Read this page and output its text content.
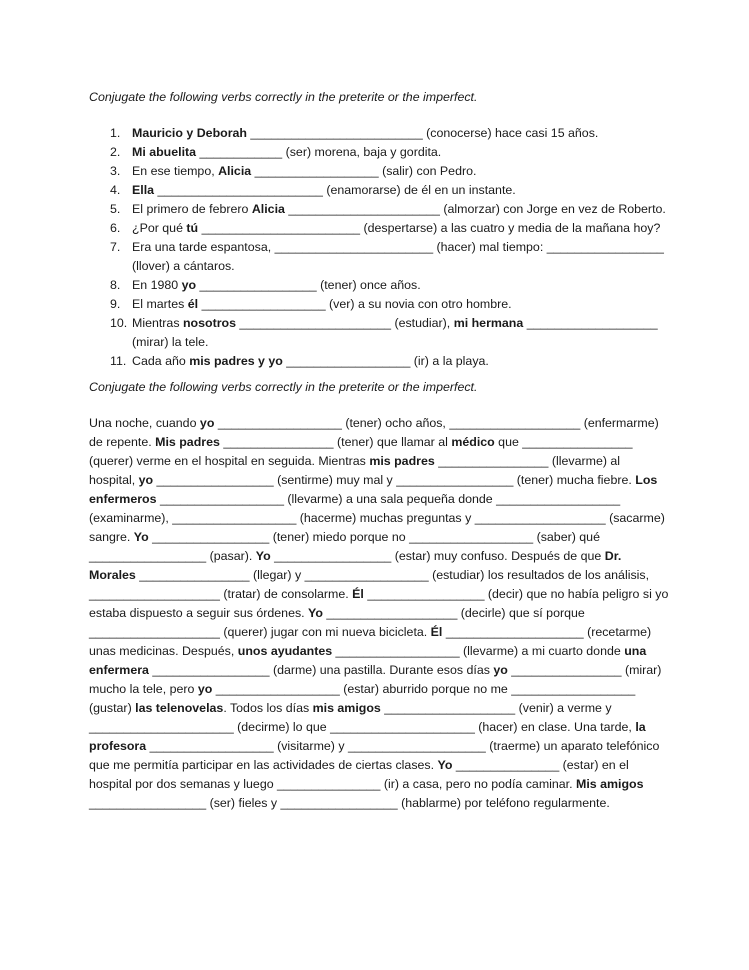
Conjugate the following verbs correctly in the preterite or the imperfect.

1. Mauricio y Deborah _________________________ (conocerse) hace casi 15 años.
2. Mi abuelita ____________ (ser) morena, baja y gordita.
3. En ese tiempo, Alicia __________________ (salir) con Pedro.
4. Ella ________________________ (enamorarse) de él en un instante.
5. El primero de febrero Alicia ______________________ (almorzar) con Jorge en vez de Roberto.
6. ¿Por qué tú _______________________ (despertarse) a las cuatro y media de la mañana hoy?
7. Era una tarde espantosa, _______________________ (hacer) mal tiempo: _________________
(llover) a cántaros.
8. En 1980 yo _________________ (tener) once años.
9. El martes él __________________ (ver) a su novia con otro hombre.
10. Mientras nosotros ______________________ (estudiar), mi hermana ___________________
(mirar) la tele.
11. Cada año mis padres y yo __________________ (ir) a la playa.

Conjugate the following verbs correctly in the preterite or the imperfect.

Una noche, cuando yo __________________ (tener) ocho años, ___________________ (enfermarme)
de repente. Mis padres ________________ (tener) que llamar al médico que ________________
(querer) verme en el hospital en seguida. Mientras mis padres ________________ (llevarme) al
hospital, yo _________________ (sentirme) muy mal y _________________ (tener) mucha fiebre. Los
enfermeros __________________ (llevarme) a una sala pequeña donde __________________
(examinarme), __________________ (hacerme) muchas preguntas y ___________________ (sacarme)
sangre. Yo _________________ (tener) miedo porque no __________________ (saber) qué
_________________ (pasar). Yo _________________ (estar) muy confuso. Después de que Dr.
Morales ________________ (llegar) y __________________ (estudiar) los resultados de los análisis,
___________________ (tratar) de consolarme. Él _________________ (decir) que no había peligro si yo
estaba dispuesto a seguir sus órdenes. Yo ___________________ (decirle) que sí porque
___________________ (querer) jugar con mi nueva bicicleta. Él ____________________ (recetarme)
unas medicinas. Después, unos ayudantes __________________ (llevarme) a mi cuarto donde una
enfermera _________________ (darme) una pastilla. Durante esos días yo ________________ (mirar)
mucho la tele, pero yo __________________ (estar) aburrido porque no me __________________
(gustar) las telenovelas. Todos los días mis amigos ___________________ (venir) a verme y
_____________________ (decirme) lo que _____________________ (hacer) en clase. Una tarde, la
profesora __________________ (visitarme) y ____________________ (traerme) un aparato telefónico
que me permitía participar en las actividades de ciertas clases. Yo _______________ (estar) en el
hospital por dos semanas y luego _______________ (ir) a casa, pero no podía caminar. Mis amigos
_________________ (ser) fieles y _________________ (hablarme) por teléfono regularmente.
